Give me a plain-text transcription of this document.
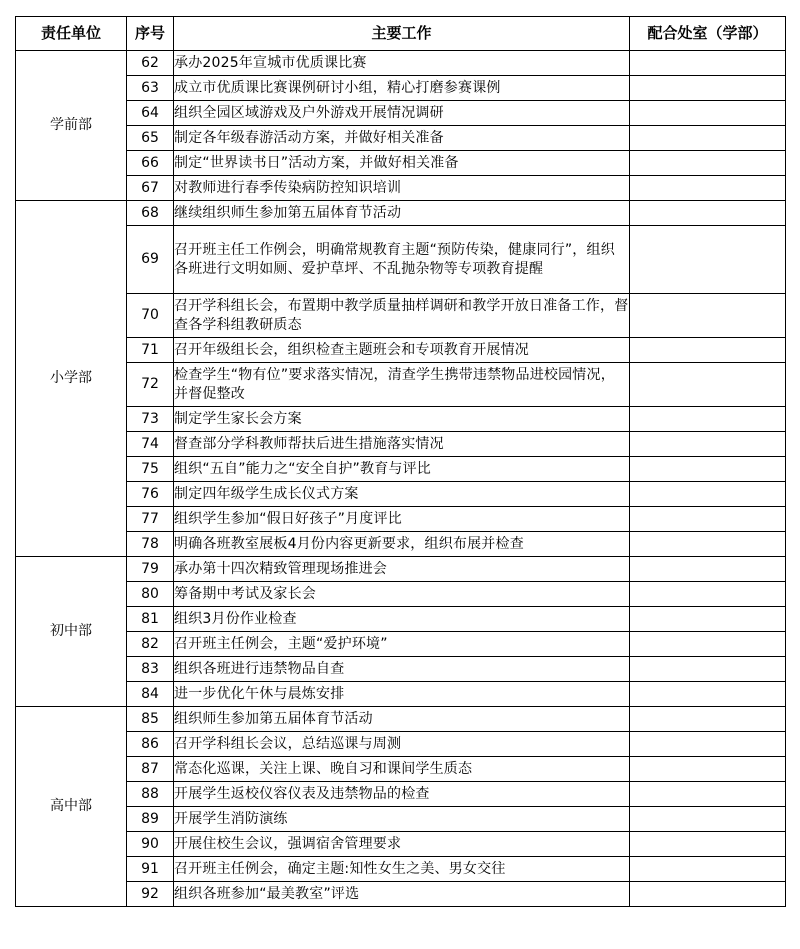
责任单位	序号	主要工作	配合处室（学部）
学前部	62	承办2025年宣城市优质课比赛	
	63	成立市优质课比赛课例研讨小组，精心打磨参赛课例	
	64	组织全园区域游戏及户外游戏开展情况调研	
	65	制定各年级春游活动方案，并做好相关准备	
	66	制定“世界读书日”活动方案，并做好相关准备	
	67	对教师进行春季传染病防控知识培训	
小学部	68	继续组织师生参加第五届体育节活动	
	69	召开班主任工作例会，明确常规教育主题“预防传染，健康同行”，组织各班进行文明如厕、爱护草坪、不乱抛杂物等专项教育提醒	
	70	召开学科组长会，布置期中教学质量抽样调研和教学开放日准备工作，督查各学科组教研质态	
	71	召开年级组长会，组织检查主题班会和专项教育开展情况	
	72	检查学生“物有位”要求落实情况，清查学生携带违禁物品进校园情况，并督促整改	
	73	制定学生家长会方案	
	74	督查部分学科教师帮扶后进生措施落实情况	
	75	组织“五自”能力之“安全自护”教育与评比	
	76	制定四年级学生成长仪式方案	
	77	组织学生参加“假日好孩子”月度评比	
	78	明确各班教室展板4月份内容更新要求，组织布展并检查	
初中部	79	承办第十四次精致管理现场推进会	
	80	筹备期中考试及家长会	
	81	组织3月份作业检查	
	82	召开班主任例会，主题“爱护环境”	
	83	组织各班进行违禁物品自查	
	84	进一步优化午休与晨炼安排	
高中部	85	组织师生参加第五届体育节活动	
	86	召开学科组长会议，总结巡课与周测	
	87	常态化巡课，关注上课、晚自习和课间学生质态	
	88	开展学生返校仪容仪表及违禁物品的检查	
	89	开展学生消防演练	
	90	开展住校生会议，强调宿舍管理要求	
	91	召开班主任例会，确定主题:知性女生之美、男女交往	
	92	组织各班参加“最美教室”评选	
